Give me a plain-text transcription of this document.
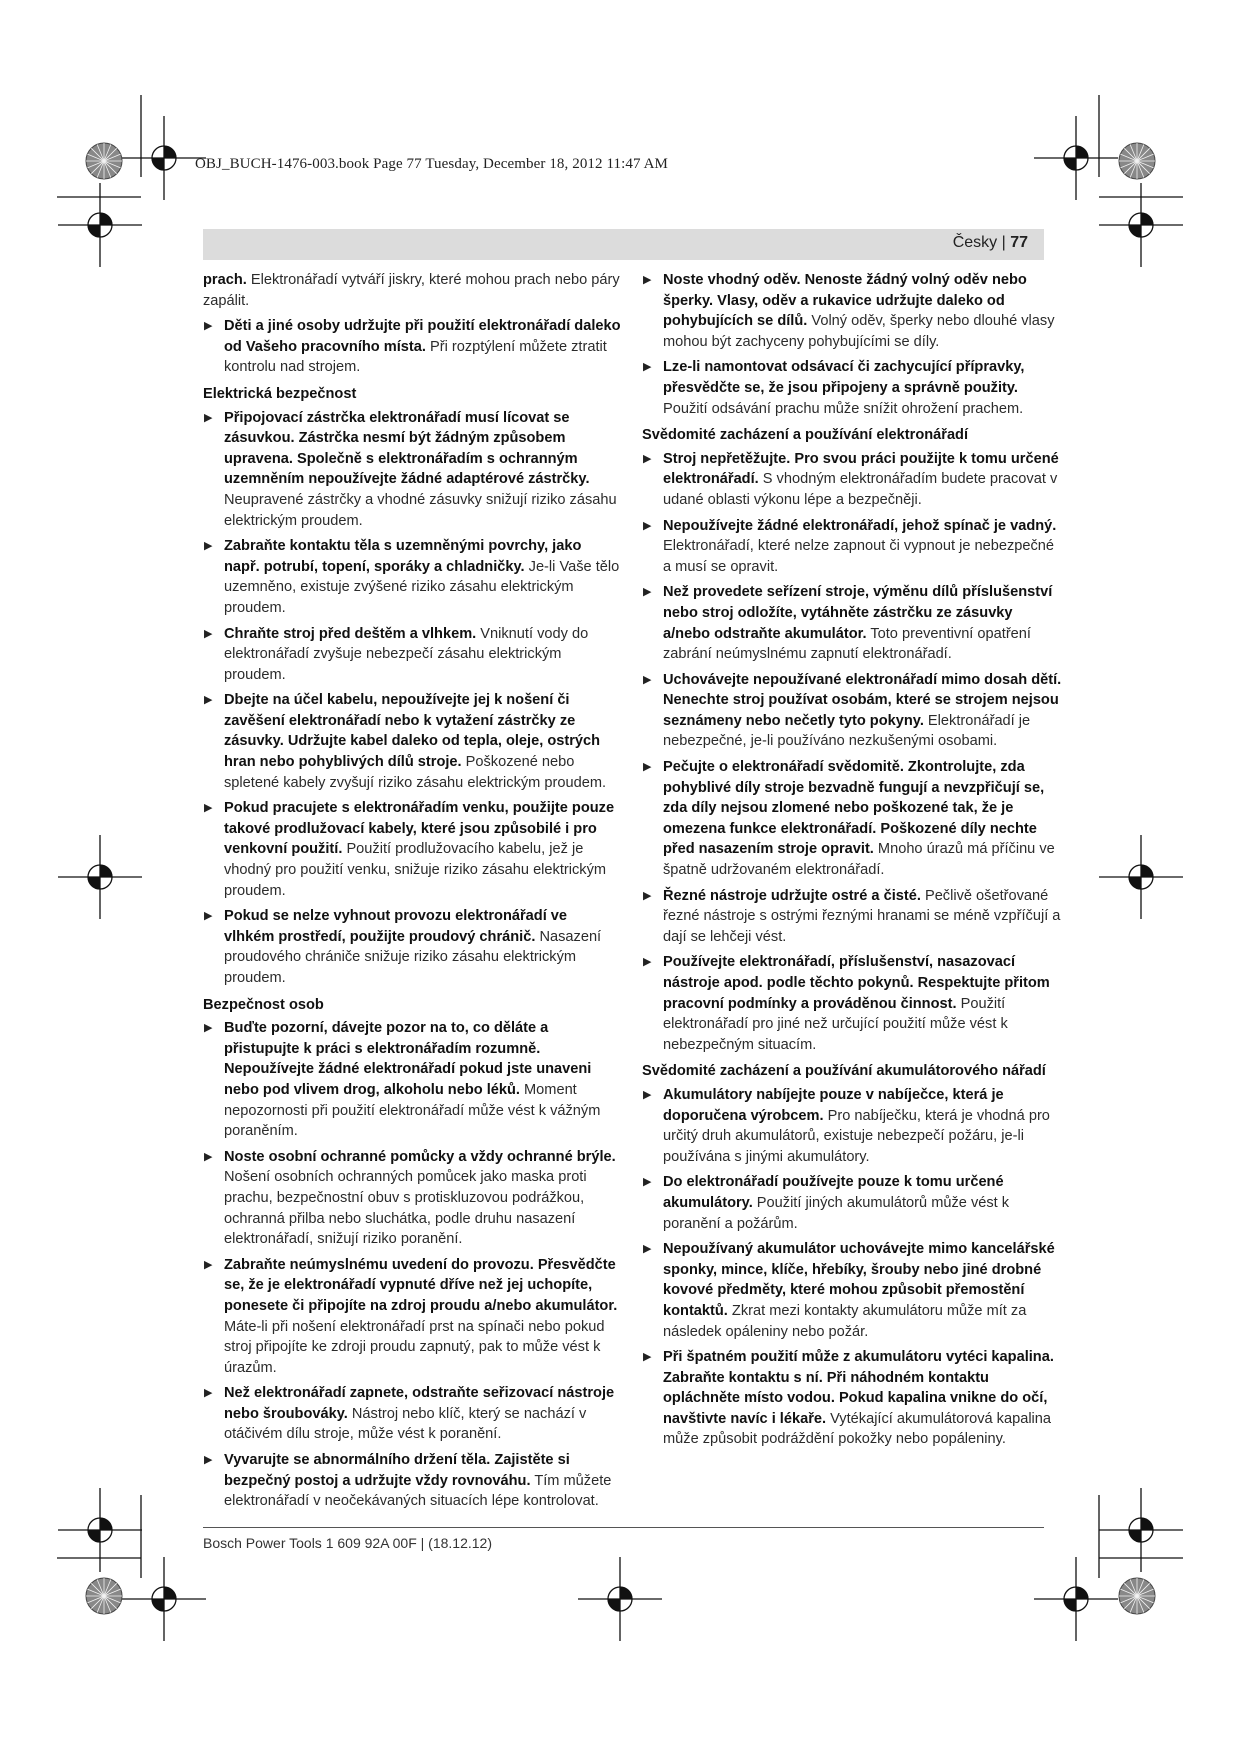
OBJ_BUCH-1476-003.book Page 77 Tuesday, December 18, 2012 11:47 AM
Česky | 77
prach. Elektronářadí vytváří jiskry, které mohou prach nebo páry zapálit.
▶ Děti a jiné osoby udržujte při použití elektronářadí daleko od Vašeho pracovního místa. Při rozptýlení můžete ztratit kontrolu nad strojem.
Elektrická bezpečnost
▶ Připojovací zástrčka elektronářadí musí lícovat se zásuvkou. Zástrčka nesmí být žádným způsobem upravena. Společně s elektronářadím s ochranným uzemněním nepoužívejte žádné adaptérové zástrčky. Neupravené zástrčky a vhodné zásuvky snižují riziko zásahu elektrickým proudem.
▶ Zabraňte kontaktu těla s uzemněnými povrchy, jako např. potrubí, topení, sporáky a chladničky. Je-li Vaše tělo uzemněno, existuje zvýšené riziko zásahu elektrickým proudem.
▶ Chraňte stroj před deštěm a vlhkem. Vniknutí vody do elektronářadí zvyšuje nebezpečí zásahu elektrickým proudem.
▶ Dbejte na účel kabelu, nepoužívejte jej k nošení či zavěšení elektronářadí nebo k vytažení zástrčky ze zásuvky. Udržujte kabel daleko od tepla, oleje, ostrých hran nebo pohyblivých dílů stroje. Poškozené nebo spletené kabely zvyšují riziko zásahu elektrickým proudem.
▶ Pokud pracujete s elektronářadím venku, použijte pouze takové prodlužovací kabely, které jsou způsobilé i pro venkovní použití. Použití prodlužovacího kabelu, jež je vhodný pro použití venku, snižuje riziko zásahu elektrickým proudem.
▶ Pokud se nelze vyhnout provozu elektronářadí ve vlhkém prostředí, použijte proudový chránič. Nasazení proudového chrániče snižuje riziko zásahu elektrickým proudem.
Bezpečnost osob
▶ Buďte pozorní, dávejte pozor na to, co děláte a přistupujte k práci s elektronářadím rozumně. Nepoužívejte žádné elektronářadí pokud jste unaveni nebo pod vlivem drog, alkoholu nebo léků. Moment nepozornosti při použití elektronářadí může vést k vážným poraněním.
▶ Noste osobní ochranné pomůcky a vždy ochranné brýle. Nošení osobních ochranných pomůcek jako maska proti prachu, bezpečnostní obuv s protiskluzovou podrážkou, ochranná přilba nebo sluchátka, podle druhu nasazení elektronářadí, snižují riziko poranění.
▶ Zabraňte neúmyslnému uvedení do provozu. Přesvědčte se, že je elektronářadí vypnuté dříve než jej uchopíte, ponesete či připojíte na zdroj proudu a/nebo akumulátor. Máte-li při nošení elektronářadí prst na spínači nebo pokud stroj připojíte ke zdroji proudu zapnutý, pak to může vést k úrazům.
▶ Než elektronářadí zapnete, odstraňte seřizovací nástroje nebo šroubováky. Nástroj nebo klíč, který se nachází v otáčivém dílu stroje, může vést k poranění.
▶ Vyvarujte se abnormálního držení těla. Zajistěte si bezpečný postoj a udržujte vždy rovnováhu. Tím můžete elektronářadí v neočekávaných situacích lépe kontrolovat.
▶ Noste vhodný oděv. Nenoste žádný volný oděv nebo šperky. Vlasy, oděv a rukavice udržujte daleko od pohybujících se dílů. Volný oděv, šperky nebo dlouhé vlasy mohou být zachyceny pohybujícími se díly.
▶ Lze-li namontovat odsávací či zachycující přípravky, přesvědčte se, že jsou připojeny a správně použity. Použití odsávání prachu může snížit ohrožení prachem.
Svědomité zacházení a používání elektronářadí
▶ Stroj nepřetěžujte. Pro svou práci použijte k tomu určené elektronářadí. S vhodným elektronářadím budete pracovat v udané oblasti výkonu lépe a bezpečněji.
▶ Nepoužívejte žádné elektronářadí, jehož spínač je vadný. Elektronářadí, které nelze zapnout či vypnout je nebezpečné a musí se opravit.
▶ Než provedete seřízení stroje, výměnu dílů příslušenství nebo stroj odložíte, vytáhněte zástrčku ze zásuvky a/nebo odstraňte akumulátor. Toto preventivní opatření zabrání neúmyslnému zapnutí elektronářadí.
▶ Uchovávejte nepoužívané elektronářadí mimo dosah dětí. Nenechte stroj používat osobám, které se strojem nejsou seznámeny nebo nečetly tyto pokyny. Elektronářadí je nebezpečné, je-li používáno nezkušenými osobami.
▶ Pečujte o elektronářadí svědomitě. Zkontrolujte, zda pohyblivé díly stroje bezvadně fungují a nevzpřičují se, zda díly nejsou zlomené nebo poškozené tak, že je omezena funkce elektronářadí. Poškozené díly nechte před nasazením stroje opravit. Mnoho úrazů má příčinu ve špatně udržovaném elektronářadí.
▶ Řezné nástroje udržujte ostré a čisté. Pečlivě ošetřované řezné nástroje s ostrými řeznými hranami se méně vzpříčují a dají se lehčeji vést.
▶ Používejte elektronářadí, příslušenství, nasazovací nástroje apod. podle těchto pokynů. Respektujte přitom pracovní podmínky a prováděnou činnost. Použití elektronářadí pro jiné než určující použití může vést k nebezpečným situacím.
Svědomité zacházení a používání akumulátorového nářadí
▶ Akumulátory nabíjejte pouze v nabíječce, která je doporučena výrobcem. Pro nabíječku, která je vhodná pro určitý druh akumulátorů, existuje nebezpečí požáru, je-li používána s jinými akumulátory.
▶ Do elektronářadí používejte pouze k tomu určené akumulátory. Použití jiných akumulátorů může vést k poranění a požárům.
▶ Nepoužívaný akumulátor uchovávejte mimo kancelářské sponky, mince, klíče, hřebíky, šrouby nebo jiné drobné kovové předměty, které mohou způsobit přemostění kontaktů. Zkrat mezi kontakty akumulátoru může mít za následek opáleniny nebo požár.
▶ Při špatném použití může z akumulátoru vytéci kapalina. Zabraňte kontaktu s ní. Při náhodném kontaktu opláchněte místo vodou. Pokud kapalina vnikne do očí, navštivte navíc i lékaře. Vytékající akumulátorová kapalina může způsobit podráždění pokožky nebo popáleniny.
Bosch Power Tools 1 609 92A 00F | (18.12.12)
